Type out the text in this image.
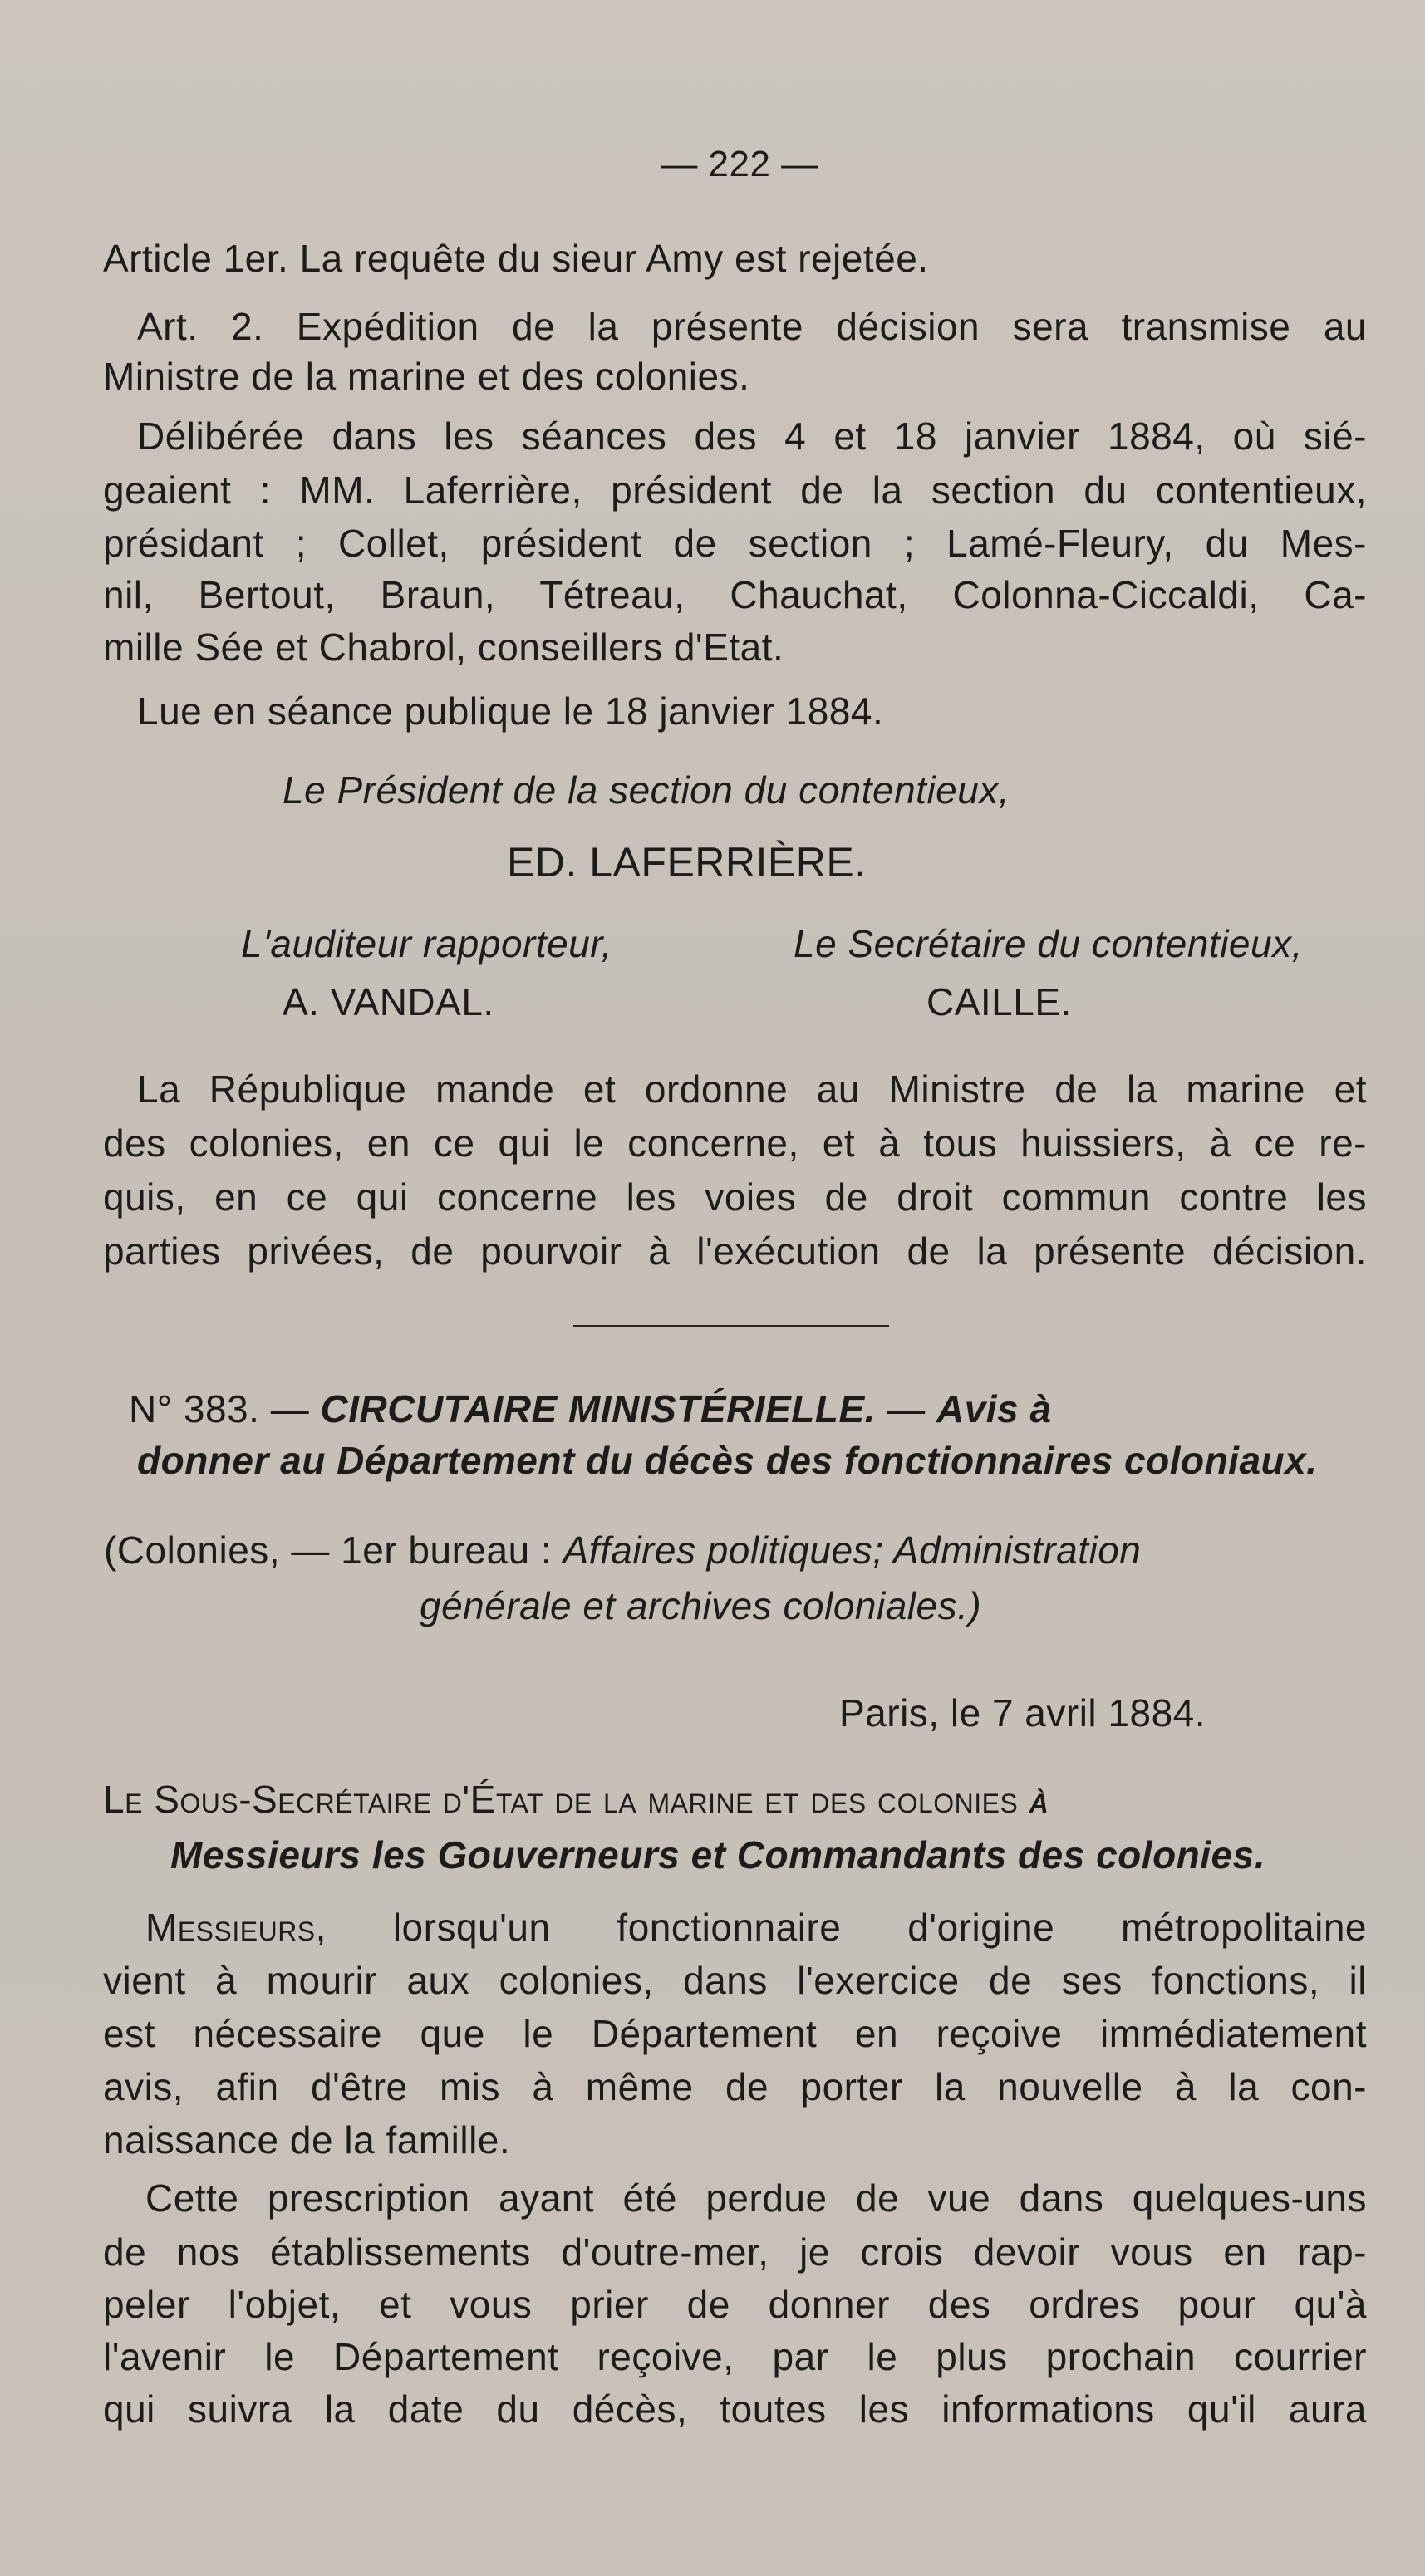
— 222 —
Article 1er. La requête du sieur Amy est rejetée.
Art. 2. Expédition de la présente décision sera transmise au
Ministre de la marine et des colonies.
Délibérée dans les séances des 4 et 18 janvier 1884, où sié-
geaient : MM. Laferrière, président de la section du contentieux,
présidant ; Collet, président de section ; Lamé-Fleury, du Mes-
nil, Bertout, Braun, Tétreau, Chauchat, Colonna-Ciccaldi, Ca-
mille Sée et Chabrol, conseillers d'Etat.
Lue en séance publique le 18 janvier 1884.
Le Président de la section du contentieux,
ED. LAFERRIÈRE.
L'auditeur rapporteur,	Le Secrétaire du contentieux,
A. VANDAL.	CAILLE.
La République mande et ordonne au Ministre de la marine et
des colonies, en ce qui le concerne, et à tous huissiers, à ce re-
quis, en ce qui concerne les voies de droit commun contre les
parties privées, de pourvoir à l'exécution de la présente décision.
N° 383. — CIRCUTAIRE MINISTÉRIELLE. — Avis à
donner au Département du décès des fonctionnaires coloniaux.
(Colonies, — 1er bureau : Affaires politiques; Administration
générale et archives coloniales.)
Paris, le 7 avril 1884.
Le Sous-Secrétaire d'État de la marine et des colonies à
Messieurs les Gouverneurs et Commandants des colonies.
Messieurs, lorsqu'un fonctionnaire d'origine métropolitaine
vient à mourir aux colonies, dans l'exercice de ses fonctions, il
est nécessaire que le Département en reçoive immédiatement
avis, afin d'être mis à même de porter la nouvelle à la con-
naissance de la famille.
Cette prescription ayant été perdue de vue dans quelques-uns
de nos établissements d'outre-mer, je crois devoir vous en rap-
peler l'objet, et vous prier de donner des ordres pour qu'à
l'avenir le Département reçoive, par le plus prochain courrier
qui suivra la date du décès, toutes les informations qu'il aura
